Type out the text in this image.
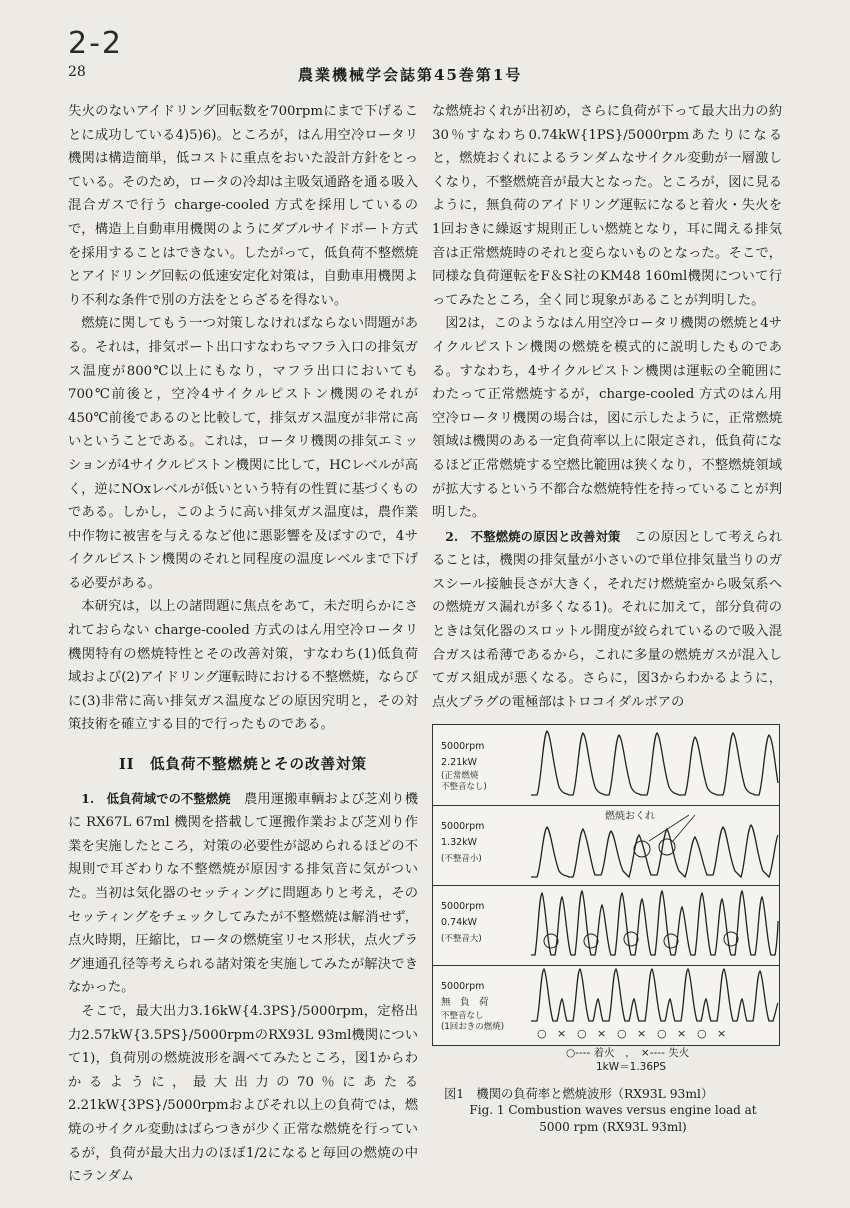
2-2
28	農業機械学会誌第45巻第1号

失火のないアイドリング回転数を700rpmにまで下げることに成功している4)5)6)。ところが，はん用空冷ロータリ機関は構造簡単，低コストに重点をおいた設計方針をとっている。そのため，ロータの冷却は主吸気通路を通る吸入混合ガスで行う charge-cooled 方式を採用しているので，構造上自動車用機関のようにダブルサイドポート方式を採用することはできない。したがって，低負荷不整燃焼とアイドリング回転の低速安定化対策は，自動車用機関より不利な条件で別の方法をとらざるを得ない。

燃焼に関してもう一つ対策しなければならない問題がある。それは，排気ポート出口すなわちマフラ入口の排気ガス温度が800℃以上にもなり，マフラ出口においても700℃前後と，空冷4サイクルピストン機関のそれが450℃前後であるのと比較して，排気ガス温度が非常に高いということである。これは，ロータリ機関の排気エミッションが4サイクルピストン機関に比して，HCレベルが高く，逆にNOxレベルが低いという特有の性質に基づくものである。しかし，このように高い排気ガス温度は，農作業中作物に被害を与えるなど他に悪影響を及ぼすので，4サイクルピストン機関のそれと同程度の温度レベルまで下げる必要がある。

本研究は，以上の諸問題に焦点をあて，未だ明らかにされておらない charge-cooled 方式のはん用空冷ロータリ機関特有の燃焼特性とその改善対策，すなわち(1)低負荷域および(2)アイドリング運転時における不整燃焼，ならびに(3)非常に高い排気ガス温度などの原因究明と，その対策技術を確立する目的で行ったものである。

II　低負荷不整燃焼とその改善対策

1.　低負荷域での不整燃焼　農用運搬車輌および芝刈り機に RX67L 67ml 機関を搭載して運搬作業および芝刈り作業を実施したところ，対策の必要性が認められるほどの不規則で耳ざわりな不整燃焼が原因する排気音に気がついた。当初は気化器のセッティングに問題ありと考え，そのセッティングをチェックしてみたが不整燃焼は解消せず，点火時期，圧縮比，ロータの燃焼室リセス形状，点火プラグ連通孔径等考えられる諸対策を実施してみたが解決できなかった。

そこで，最大出力3.16kW{4.3PS}/5000rpm，定格出力2.57kW{3.5PS}/5000rpmのRX93L 93ml機関について1)，負荷別の燃焼波形を調べてみたところ，図1からわかるように，最大出力の70％にあたる2.21kW{3PS}/5000rpmおよびそれ以上の負荷では，燃焼のサイクル変動はばらつきが少く正常な燃焼を行っているが，負荷が最大出力のほぼ1/2になると毎回の燃焼の中にランダム

な燃焼おくれが出初め，さらに負荷が下って最大出力の約30％すなわち0.74kW{1PS}/5000rpmあたりになると，燃焼おくれによるランダムなサイクル変動が一層激しくなり，不整燃焼音が最大となった。ところが，図に見るように，無負荷のアイドリング運転になると着火・失火を1回おきに繰返す規則正しい燃焼となり，耳に聞える排気音は正常燃焼時のそれと変らないものとなった。そこで，同様な負荷運転をF＆S社のKM48 160ml機関について行ってみたところ，全く同じ現象があることが判明した。

図2は，このようなはん用空冷ロータリ機関の燃焼と4サイクルピストン機関の燃焼を模式的に説明したものである。すなわち，4サイクルピストン機関は運転の全範囲にわたって正常燃焼するが，charge-cooled 方式のはん用空冷ロータリ機関の場合は，図に示したように，正常燃焼領域は機関のある一定負荷率以上に限定され，低負荷になるほど正常燃焼する空燃比範囲は狭くなり，不整燃焼領域が拡大するという不都合な燃焼特性を持っていることが判明した。

2.　不整燃焼の原因と改善対策　この原因として考えられることは，機関の排気量が小さいので単位排気量当りのガスシール接触長さが大きく，それだけ燃焼室から吸気系への燃焼ガス漏れが多くなる1)。それに加えて，部分負荷のときは気化器のスロットル開度が絞られているので吸入混合ガスは希薄であるから，これに多量の燃焼ガスが混入してガス組成が悪くなる。さらに，図3からわかるように，点火プラグの電極部はトロコイダルボアの

5000rpm
2.21kW
(正常燃焼
不整音なし)
5000rpm
1.32kW
(不整音小)
燃焼おくれ
5000rpm
0.74kW
(不整音大)
5000rpm
無　負　荷
不整音なし
(1回おきの燃焼)	○ × ○ × ○ × ○ × ○ ×
○---- 着火　，　×---- 失火
1kW＝1.36PS
図1　機関の負荷率と燃焼波形（RX93L 93ml）
Fig. 1 Combustion waves versus engine load at
5000 rpm (RX93L 93ml)
